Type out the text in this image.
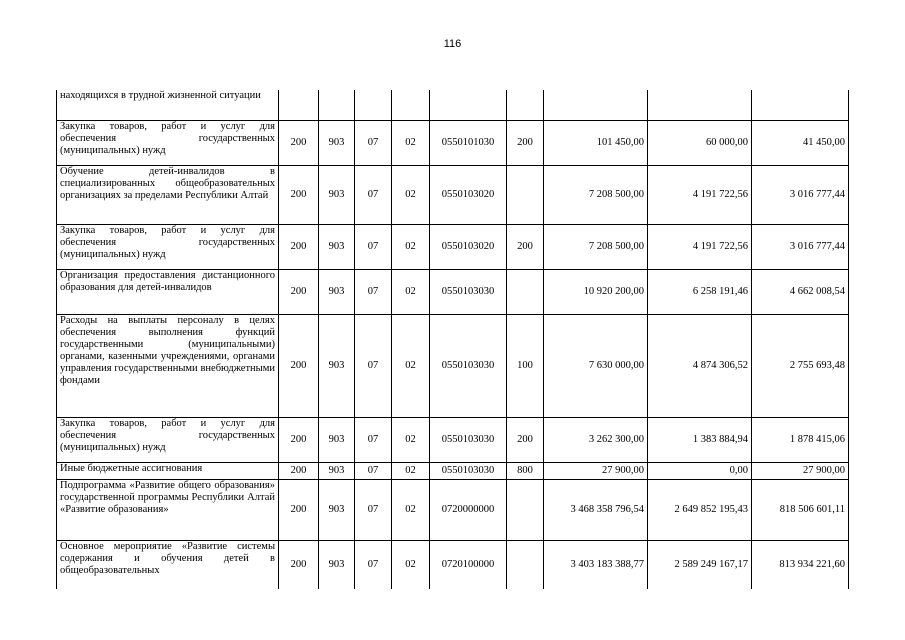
116
находящихся в трудной жизненной ситуации									
Закупка товаров, работ и услуг для обеспечения государственных (муниципальных) нужд	200	903	07	02	0550101030	200	101 450,00	60 000,00	41 450,00
Обучение детей-инвалидов в специализированных общеобразовательных организациях за пределами Республики Алтай	200	903	07	02	0550103020		7 208 500,00	4 191 722,56	3 016 777,44
Закупка товаров, работ и услуг для обеспечения государственных (муниципальных) нужд	200	903	07	02	0550103020	200	7 208 500,00	4 191 722,56	3 016 777,44
Организация предоставления дистанционного образования для детей-инвалидов	200	903	07	02	0550103030		10 920 200,00	6 258 191,46	4 662 008,54
Расходы на выплаты персоналу в целях обеспечения выполнения функций государственными (муниципальными) органами, казенными учреждениями, органами управления государственными внебюджетными фондами	200	903	07	02	0550103030	100	7 630 000,00	4 874 306,52	2 755 693,48
Закупка товаров, работ и услуг для обеспечения государственных (муниципальных) нужд	200	903	07	02	0550103030	200	3 262 300,00	1 383 884,94	1 878 415,06
Иные бюджетные ассигнования	200	903	07	02	0550103030	800	27 900,00	0,00	27 900,00
Подпрограмма «Развитие общего образования» государственной программы Республики Алтай «Развитие образования»	200	903	07	02	0720000000		3 468 358 796,54	2 649 852 195,43	818 506 601,11
Основное мероприятие «Развитие системы содержания и обучения детей в общеобразовательных	200	903	07	02	0720100000		3 403 183 388,77	2 589 249 167,17	813 934 221,60
